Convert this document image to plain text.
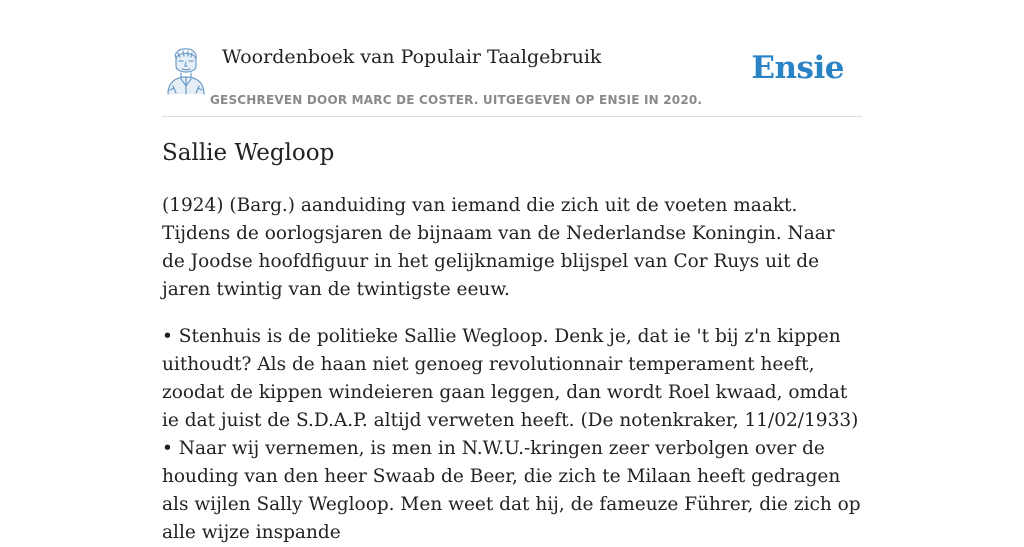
Woordenboek van Populair Taalgebruik
GESCHREVEN DOOR MARC DE COSTER. UITGEGEVEN OP ENSIE IN 2020.
Ensie
Sallie Wegloop

(1924) (Barg.) aanduiding van iemand die zich uit de voeten maakt. Tijdens de oorlogsjaren de bijnaam van de Nederlandse Koningin. Naar de Joodse hoofdfiguur in het gelijknamige blijspel van Cor Ruys uit de jaren twintig van de twintigste eeuw.

• Stenhuis is de politieke Sallie Wegloop. Denk je, dat ie 't bij z'n kippen uithoudt? Als de haan niet genoeg revolutionnair temperament heeft, zoodat de kippen windeieren gaan leggen, dan wordt Roel kwaad, omdat ie dat juist de S.D.A.P. altijd verweten heeft. (De notenkraker, 11/02/1933)

• Naar wij vernemen, is men in N.W.U.-kringen zeer verbolgen over de houding van den heer Swaab de Beer, die zich te Milaan heeft gedragen als wijlen Sally Wegloop. Men weet dat hij, de fameuze Führer, die zich op alle wijze inspande
